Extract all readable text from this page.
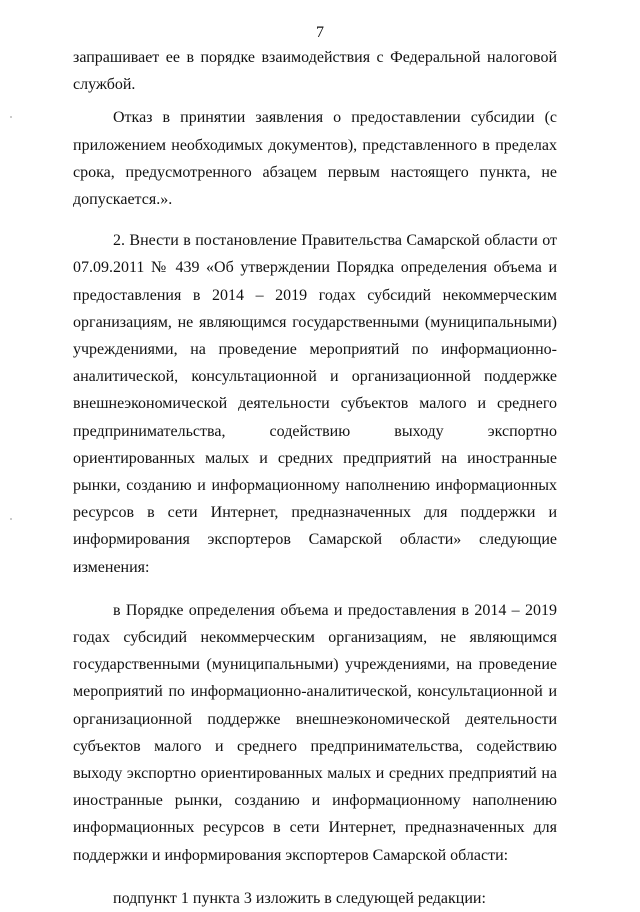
7

запрашивает ее в порядке взаимодействия с Федеральной налоговой службой.

Отказ в принятии заявления о предоставлении субсидии (с приложением необходимых документов), представленного в пределах срока, предусмотренного абзацем первым настоящего пункта, не допускается.».

2. Внести в постановление Правительства Самарской области от 07.09.2011 № 439 «Об утверждении Порядка определения объема и предоставления в 2014 – 2019 годах субсидий некоммерческим организациям, не являющимся государственными (муниципальными) учреждениями, на проведение мероприятий по информационно-аналитической, консультационной и организационной поддержке внешнеэкономической деятельности субъектов малого и среднего предпринимательства, содействию выходу экспортно ориентированных малых и средних предприятий на иностранные рынки, созданию и информационному наполнению информационных ресурсов в сети Интернет, предназначенных для поддержки и информирования экспортеров Самарской области» следующие изменения:

в Порядке определения объема и предоставления в 2014 – 2019 годах субсидий некоммерческим организациям, не являющимся государственными (муниципальными) учреждениями, на проведение мероприятий по информационно-аналитической, консультационной и организационной поддержке внешнеэкономической деятельности субъектов малого и среднего предпринимательства, содействию выходу экспортно ориентированных малых и средних предприятий на иностранные рынки, созданию и информационному наполнению информационных ресурсов в сети Интернет, предназначенных для поддержки и информирования экспортеров Самарской области:

подпункт 1 пункта 3 изложить в следующей редакции:
